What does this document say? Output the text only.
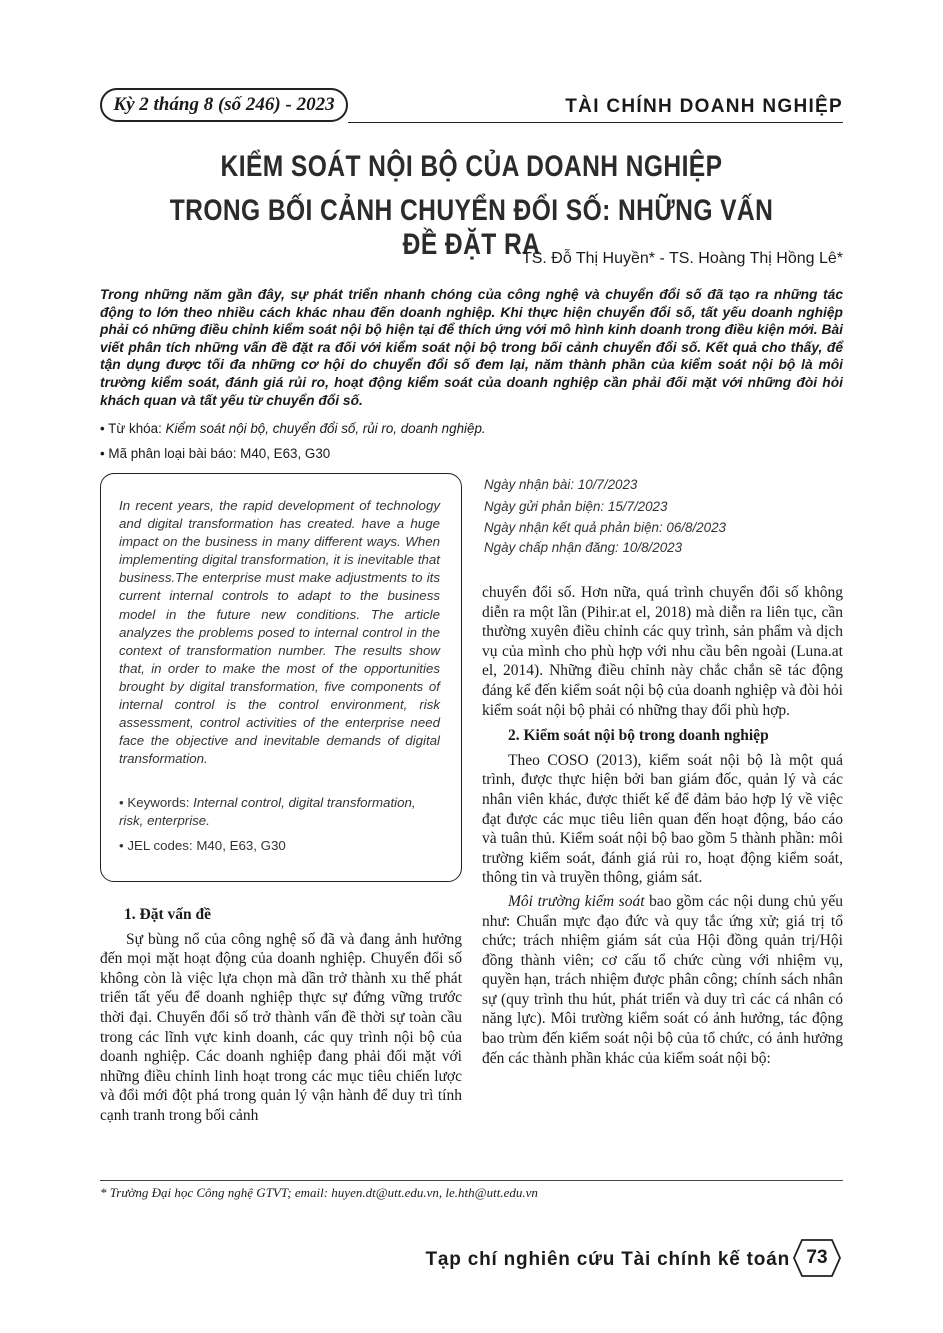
Kỳ 2 tháng 8 (số 246) - 2023	TÀI CHÍNH DOANH NGHIỆP
KIỂM SOÁT NỘI BỘ CỦA DOANH NGHIỆP
TRONG BỐI CẢNH CHUYỂN ĐỔI SỐ: NHỮNG VẤN ĐỀ ĐẶT RA
TS. Đỗ Thị Huyền* - TS. Hoàng Thị Hồng Lê*
Trong những năm gần đây, sự phát triển nhanh chóng của công nghệ và chuyển đổi số đã tạo ra những tác động to lớn theo nhiều cách khác nhau đến doanh nghiệp. Khi thực hiện chuyển đổi số, tất yếu doanh nghiệp phải có những điều chỉnh kiểm soát nội bộ hiện tại để thích ứng với mô hình kinh doanh trong điều kiện mới. Bài viết phân tích những vấn đề đặt ra đối với kiểm soát nội bộ trong bối cảnh chuyển đổi số. Kết quả cho thấy, để tận dụng được tối đa những cơ hội do chuyển đổi số đem lại, năm thành phần của kiểm soát nội bộ là môi trường kiểm soát, đánh giá rủi ro, hoạt động kiểm soát của doanh nghiệp cần phải đối mặt với những đòi hỏi khách quan và tất yếu từ chuyển đổi số.
• Từ khóa: Kiểm soát nội bộ, chuyển đổi số, rủi ro, doanh nghiệp.
• Mã phân loại bài báo: M40, E63, G30
In recent years, the rapid development of technology and digital transformation has created. have a huge impact on the business in many different ways. When implementing digital transformation, it is inevitable that business.The enterprise must make adjustments to its current internal controls to adapt to the business model in the future new conditions. The article analyzes the problems posed to internal control in the context of transformation number. The results show that, in order to make the most of the opportunities brought by digital transformation, five components of internal control is the control environment, risk assessment, control activities of the enterprise need face the objective and inevitable demands of digital transformation.
• Keywords: Internal control, digital transformation, risk, enterprise.
• JEL codes: M40, E63, G30
Ngày nhận bài: 10/7/2023
Ngày gửi phản biện: 15/7/2023
Ngày nhận kết quả phản biện: 06/8/2023
Ngày chấp nhận đăng: 10/8/2023
1. Đặt vấn đề

Sự bùng nổ của công nghệ số đã và đang ảnh hưởng đến mọi mặt hoạt động của doanh nghiệp. Chuyển đổi số không còn là việc lựa chọn mà dần trở thành xu thế phát triển tất yếu để doanh nghiệp thực sự đứng vững trước thời đại. Chuyển đổi số trở thành vấn đề thời sự toàn cầu trong các lĩnh vực kinh doanh, các quy trình nội bộ của doanh nghiệp. Các doanh nghiệp đang phải đối mặt với những điều chỉnh linh hoạt trong các mục tiêu chiến lược và đổi mới đột phá trong quản lý vận hành để duy trì tính cạnh tranh trong bối cảnh

chuyển đổi số. Hơn nữa, quá trình chuyển đổi số không diễn ra một lần (Pihir.at el, 2018) mà diễn ra liên tục, cần thường xuyên điều chỉnh các quy trình, sản phẩm và dịch vụ của mình cho phù hợp với nhu cầu bên ngoài (Luna.at el, 2014). Những điều chỉnh này chắc chắn sẽ tác động đáng kể đến kiểm soát nội bộ của doanh nghiệp và đòi hỏi kiểm soát nội bộ phải có những thay đổi phù hợp.

2. Kiểm soát nội bộ trong doanh nghiệp

Theo COSO (2013), kiểm soát nội bộ là một quá trình, được thực hiện bởi ban giám đốc, quản lý và các nhân viên khác, được thiết kế để đảm bảo hợp lý về việc đạt được các mục tiêu liên quan đến hoạt động, báo cáo và tuân thủ. Kiểm soát nội bộ bao gồm 5 thành phần: môi trường kiểm soát, đánh giá rủi ro, hoạt động kiểm soát, thông tin và truyền thông, giám sát.

Môi trường kiểm soát bao gồm các nội dung chủ yếu như: Chuẩn mực đạo đức và quy tắc ứng xử; giá trị tổ chức; trách nhiệm giám sát của Hội đồng quản trị/Hội đồng thành viên; cơ cấu tổ chức cùng với nhiệm vụ, quyền hạn, trách nhiệm được phân công; chính sách nhân sự (quy trình thu hút, phát triển và duy trì các cá nhân có năng lực). Môi trường kiểm soát có ảnh hưởng, tác động bao trùm đến kiểm soát nội bộ của tổ chức, có ảnh hưởng đến các thành phần khác của kiểm soát nội bộ:

* Trường Đại học Công nghệ GTVT; email: huyen.dt@utt.edu.vn, le.hth@utt.edu.vn
Tạp chí nghiên cứu Tài chính kế toán 73
